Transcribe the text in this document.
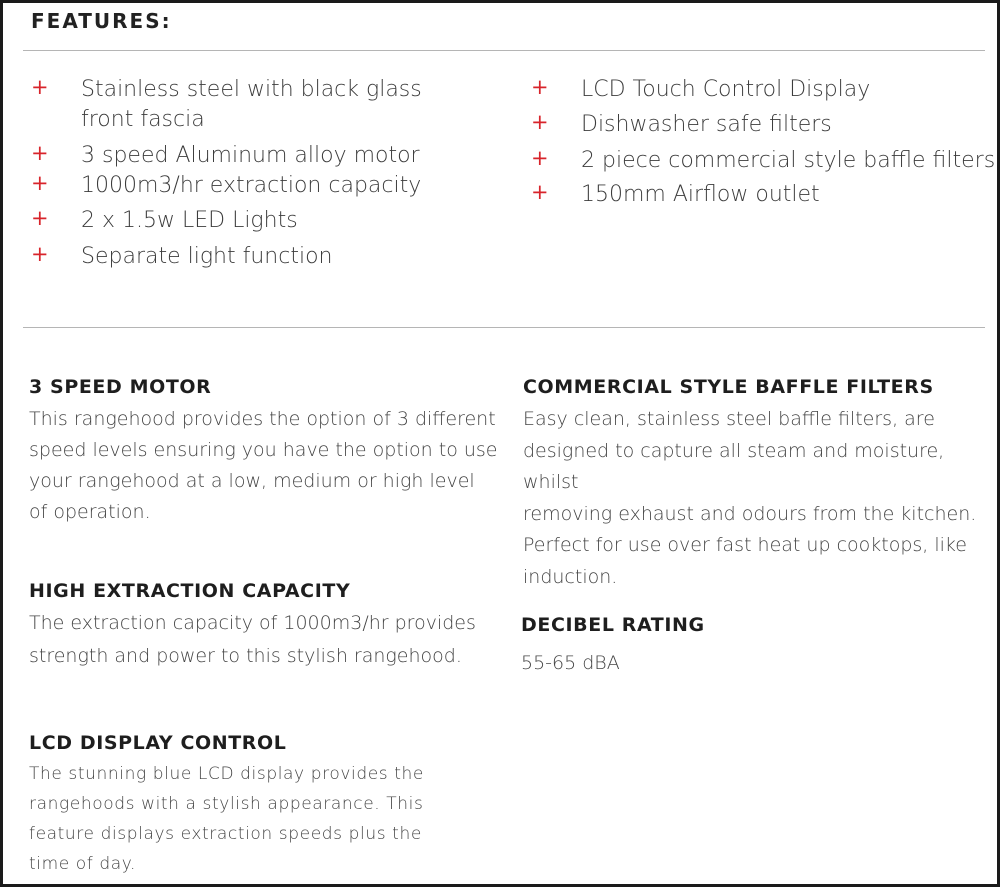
FEATURES:
+ Stainless steel with black glass
front fascia
+ 3 speed Aluminum alloy motor
+ 1000m3/hr extraction capacity
+ 2 x 1.5w LED Lights
+ Separate light function
+ LCD Touch Control Display
+ Dishwasher safe filters
+ 2 piece commercial style baffle filters
+ 150mm Airflow outlet
3 SPEED MOTOR

This rangehood provides the option of 3 different
speed levels ensuring you have the option to use
your rangehood at a low, medium or high level
of operation.

HIGH EXTRACTION CAPACITY

The extraction capacity of 1000m3/hr provides
strength and power to this stylish rangehood.

LCD DISPLAY CONTROL

The stunning blue LCD display provides the
rangehoods with a stylish appearance. This
feature displays extraction speeds plus the
time of day.

COMMERCIAL STYLE BAFFLE FILTERS

Easy clean, stainless steel baffle filters, are
designed to capture all steam and moisture, whilst
removing exhaust and odours from the kitchen.
Perfect for use over fast heat up cooktops, like
induction.

DECIBEL RATING

55-65 dBA
